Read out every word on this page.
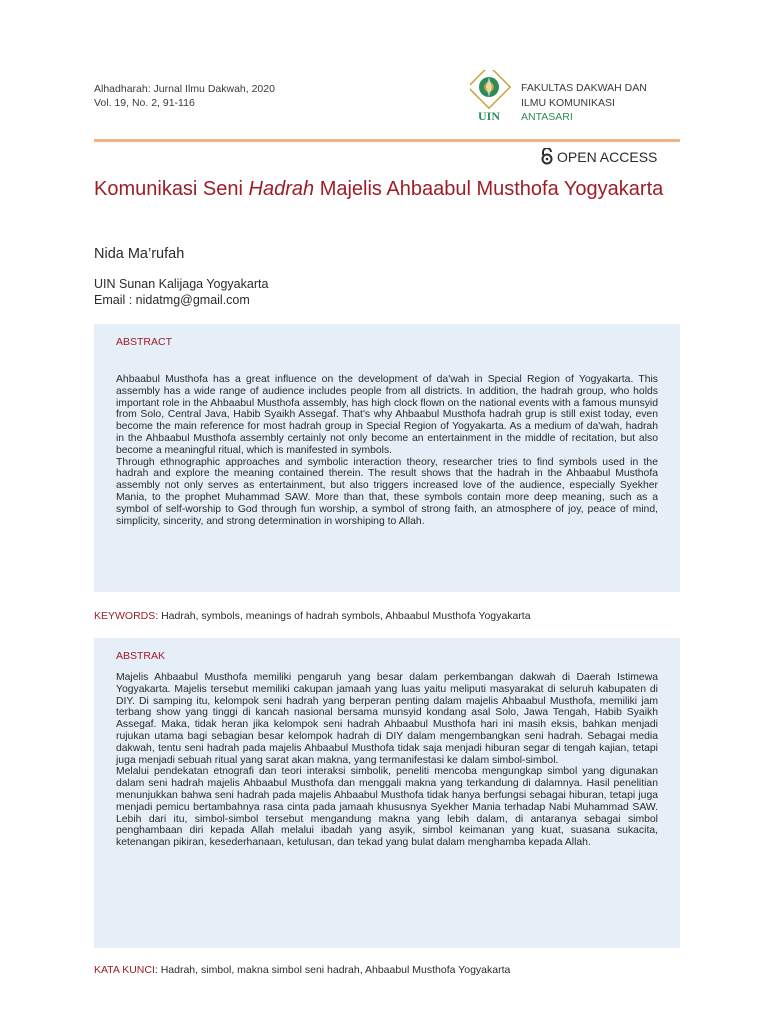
Alhadharah: Jurnal Ilmu Dakwah, 2020
Vol. 19, No. 2, 91-116
UIN
FAKULTAS DAKWAH DAN
ILMU KOMUNIKASI
ANTASARI
OPEN ACCESS
Komunikasi Seni Hadrah Majelis Ahbaabul Musthofa Yogyakarta
Nida Ma’rufah
UIN Sunan Kalijaga Yogyakarta
Email : nidatmg@gmail.com
ABSTRACT

Ahbaabul Musthofa has a great influence on the development of da'wah in Special Region of Yogyakarta. This assembly has a wide range of audience includes people from all districts. In addition, the hadrah group, who holds important role in the Ahbaabul Musthofa assembly, has high clock flown on the national events with a famous munsyid from Solo, Central Java, Habib Syaikh Assegaf. That's why Ahbaabul Musthofa hadrah grup is still exist today, even become the main reference for most hadrah group in Special Region of Yogyakarta. As a medium of da'wah, hadrah in the Ahbaabul Musthofa assembly certainly not only become an entertainment in the middle of recitation, but also become a meaningful ritual, which is manifested in symbols.

Through ethnographic approaches and symbolic interaction theory, researcher tries to find symbols used in the hadrah and explore the meaning contained therein. The result shows that the hadrah in the Ahbaabul Musthofa assembly not only serves as entertainment, but also triggers increased love of the audience, especially Syekher Mania, to the prophet Muhammad SAW. More than that, these symbols contain more deep meaning, such as a symbol of self-worship to God through fun worship, a symbol of strong faith, an atmosphere of joy, peace of mind, simplicity, sincerity, and strong determination in worshiping to Allah.

KEYWORDS: Hadrah, symbols, meanings of hadrah symbols, Ahbaabul Musthofa Yogyakarta
ABSTRAK

Majelis Ahbaabul Musthofa memiliki pengaruh yang besar dalam perkembangan dakwah di Daerah Istimewa Yogyakarta. Majelis tersebut memiliki cakupan jamaah yang luas yaitu meliputi masyarakat di seluruh kabupaten di DIY. Di samping itu, kelompok seni hadrah yang berperan penting dalam majelis Ahbaabul Musthofa, memiliki jam terbang show yang tinggi di kancah nasional bersama munsyid kondang asal Solo, Jawa Tengah, Habib Syaikh Assegaf. Maka, tidak heran jika kelompok seni hadrah Ahbaabul Musthofa hari ini masih eksis, bahkan menjadi rujukan utama bagi sebagian besar kelompok hadrah di DIY dalam mengembangkan seni hadrah. Sebagai media dakwah, tentu seni hadrah pada majelis Ahbaabul Musthofa tidak saja menjadi hiburan segar di tengah kajian, tetapi juga menjadi sebuah ritual yang sarat akan makna, yang termanifestasi ke dalam simbol-simbol.

Melalui pendekatan etnografi dan teori interaksi simbolik, peneliti mencoba mengungkap simbol yang digunakan dalam seni hadrah majelis Ahbaabul Musthofa dan menggali makna yang terkandung di dalamnya. Hasil penelitian menunjukkan bahwa seni hadrah pada majelis Ahbaabul Musthofa tidak hanya berfungsi sebagai hiburan, tetapi juga menjadi pemicu bertambahnya rasa cinta pada jamaah khususnya Syekher Mania terhadap Nabi Muhammad SAW. Lebih dari itu, simbol-simbol tersebut mengandung makna yang lebih dalam, di antaranya sebagai simbol penghambaan diri kepada Allah melalui ibadah yang asyik, simbol keimanan yang kuat, suasana sukacita, ketenangan pikiran, kesederhanaan, ketulusan, dan tekad yang bulat dalam menghamba kepada Allah.

KATA KUNCI: Hadrah, simbol, makna simbol seni hadrah, Ahbaabul Musthofa Yogyakarta
